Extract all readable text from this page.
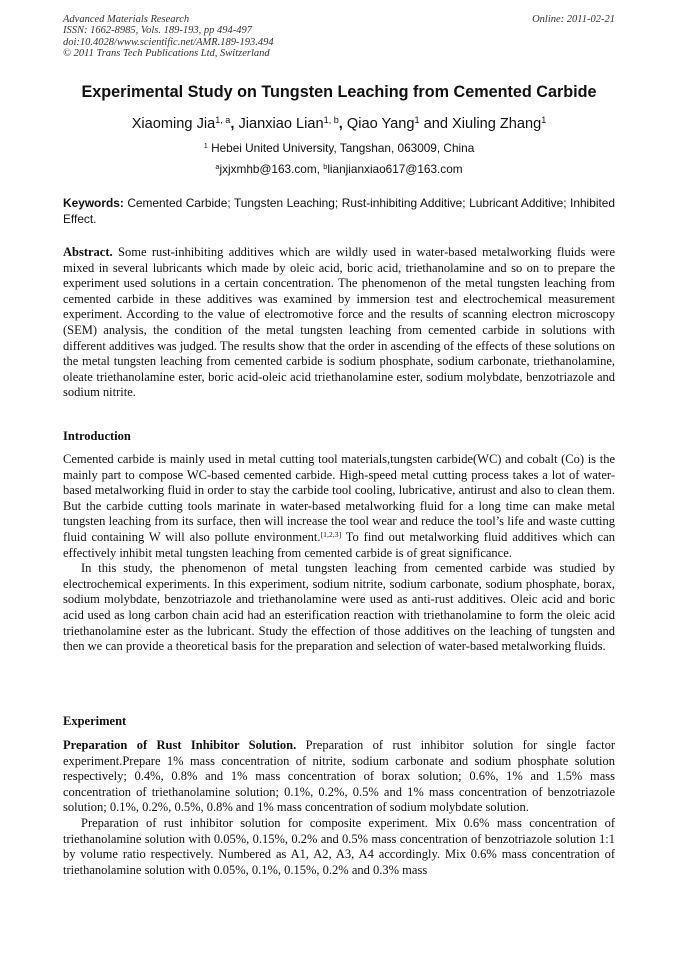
Advanced Materials Research
ISSN: 1662-8985, Vols. 189-193, pp 494-497
doi:10.4028/www.scientific.net/AMR.189-193.494
© 2011 Trans Tech Publications Ltd, Switzerland
Online: 2011-02-21
Experimental Study on Tungsten Leaching from Cemented Carbide
Xiaoming Jia$^{1, a}$, Jianxiao Lian$^{1, b}$, Qiao Yang$^1$ and Xiuling Zhang$^1$
$^1$ Hebei United University, Tangshan, 063009, China
$^a$jxjxmhb@163.com, $^b$lianjianxiao617@163.com
Keywords: Cemented Carbide; Tungsten Leaching; Rust-inhibiting Additive; Lubricant Additive; Inhibited Effect.

Abstract. Some rust-inhibiting additives which are wildly used in water-based metalworking fluids were mixed in several lubricants which made by oleic acid, boric acid, triethanolamine and so on to prepare the experiment used solutions in a certain concentration. The phenomenon of the metal tungsten leaching from cemented carbide in these additives was examined by immersion test and electrochemical measurement experiment. According to the value of electromotive force and the results of scanning electron microscopy (SEM) analysis, the condition of the metal tungsten leaching from cemented carbide in solutions with different additives was judged. The results show that the order in ascending of the effects of these solutions on the metal tungsten leaching from cemented carbide is sodium phosphate, sodium carbonate, triethanolamine, oleate triethanolamine ester, boric acid-oleic acid triethanolamine ester, sodium molybdate, benzotriazole and sodium nitrite.

Introduction

Cemented carbide is mainly used in metal cutting tool materials,tungsten carbide(WC) and cobalt (Co) is the mainly part to compose WC-based cemented carbide. High-speed metal cutting process takes a lot of water-based metalworking fluid in order to stay the carbide tool cooling, lubricative, antirust and also to clean them. But the carbide cutting tools marinate in water-based metalworking fluid for a long time can make metal tungsten leaching from its surface, then will increase the tool wear and reduce the tool’s life and waste cutting fluid containing W will also pollute environment.[1,2,3] To find out metalworking fluid additives which can effectively inhibit metal tungsten leaching from cemented carbide is of great significance.

In this study, the phenomenon of metal tungsten leaching from cemented carbide was studied by electrochemical experiments. In this experiment, sodium nitrite, sodium carbonate, sodium phosphate, borax, sodium molybdate, benzotriazole and triethanolamine were used as anti-rust additives. Oleic acid and boric acid used as long carbon chain acid had an esterification reaction with triethanolamine to form the oleic acid triethanolamine ester as the lubricant. Study the effection of those additives on the leaching of tungsten and then we can provide a theoretical basis for the preparation and selection of water-based metalworking fluids.

Experiment

Preparation of Rust Inhibitor Solution. Preparation of rust inhibitor solution for single factor experiment.Prepare 1% mass concentration of nitrite, sodium carbonate and sodium phosphate solution respectively; 0.4%, 0.8% and 1% mass concentration of borax solution; 0.6%, 1% and 1.5% mass concentration of triethanolamine solution; 0.1%, 0.2%, 0.5% and 1% mass concentration of benzotriazole solution; 0.1%, 0.2%, 0.5%, 0.8% and 1% mass concentration of sodium molybdate solution.

Preparation of rust inhibitor solution for composite experiment. Mix 0.6% mass concentration of triethanolamine solution with 0.05%, 0.15%, 0.2% and 0.5% mass concentration of benzotriazole solution 1:1 by volume ratio respectively. Numbered as A1, A2, A3, A4 accordingly. Mix 0.6% mass concentration of triethanolamine solution with 0.05%, 0.1%, 0.15%, 0.2% and 0.3% mass
